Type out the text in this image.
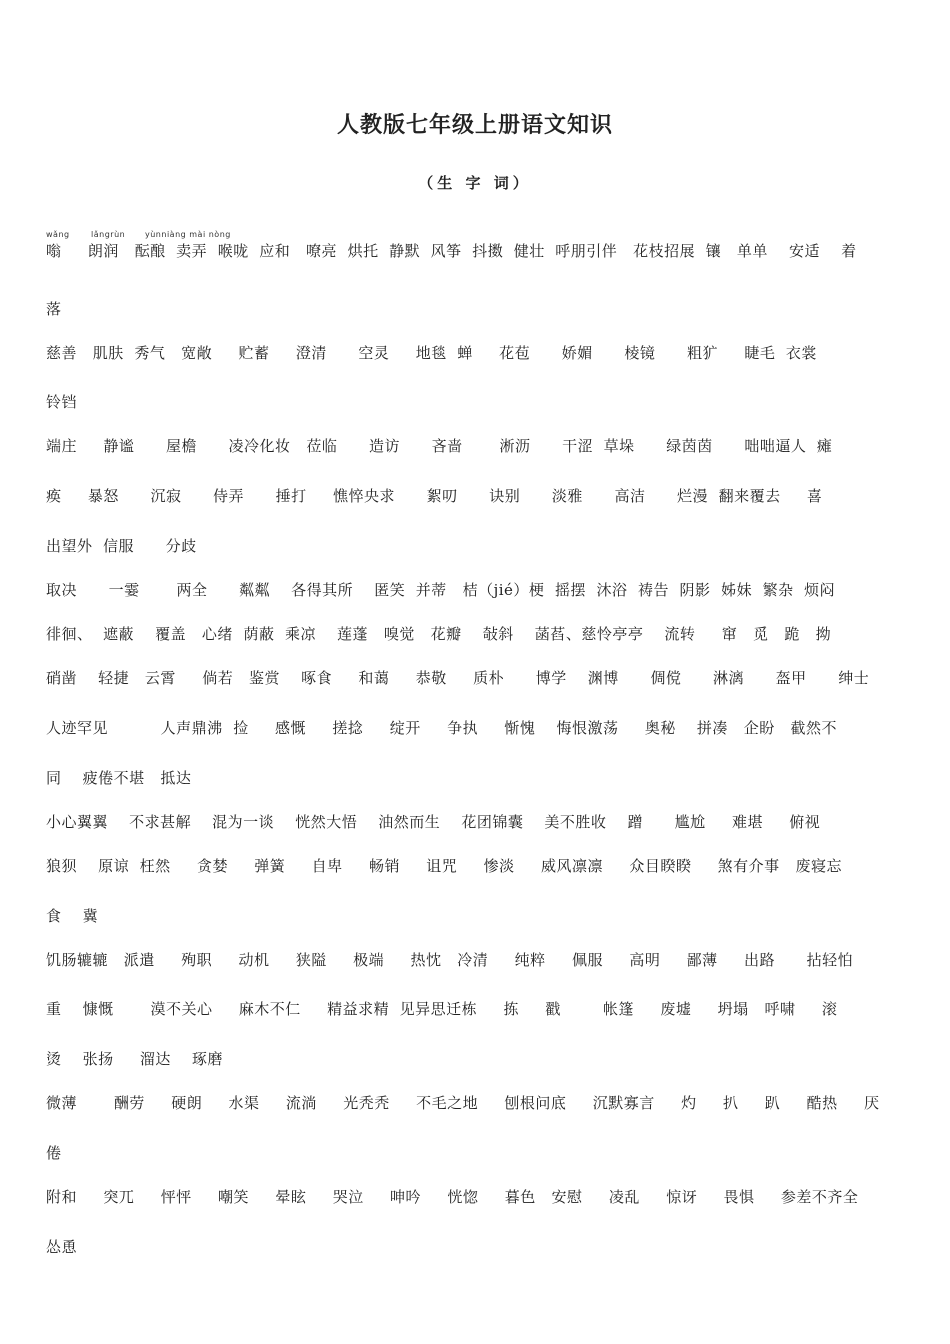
人教版七年级上册语文知识
（生 字 词）
wǎng	lǎngrùn yùnniàng mài nòng
嗡     朗润   酝酿  卖弄  喉咙  应和   嘹亮  烘托  静默  风筝  抖擞  健壮  呼朋引伴   花枝招展  镶   单单    安适    着
落
慈善   肌肤  秀气   宽敞     贮蓄     澄清      空灵     地毯  蝉     花苞      娇媚      棱镜      粗犷     睫毛  衣裳
铃铛
端庄     静谧      屋檐      凌冷化妆   莅临      造访      吝啬       淅沥      干涩  草垛      绿茵茵      咄咄逼人  瘫
痪     暴怒      沉寂      侍弄      捶打     憔悴央求      絮叨      诀别      淡雅      高洁      烂漫  翻来覆去     喜
出望外  信服      分歧
取决      一霎       两全      粼粼    各得其所    匿笑  并蒂   桔（jié）梗  摇摆  沐浴  祷告  阴影  姊妹  繁杂  烦闷
徘徊、  遮蔽    覆盖   心绪  荫蔽  乘凉    莲蓬   嗅觉   花瓣    敧斜    菡萏、慈怜亭亭    流转     窜   觅   跪   拗
硝凿    轻捷   云霄     倘若   鉴赏    啄食     和蔼     恭敬     质朴      博学    渊博      倜傥      淋漓      盔甲      绅士
人迹罕见          人声鼎沸  捡     感慨     搓捻     绽开     争执     惭愧    悔恨激荡     奥秘    拼凑   企盼   截然不
同    疲倦不堪   抵达
小心翼翼    不求甚解    混为一谈    恍然大悟    油然而生    花团锦囊    美不胜收    蹭      尴尬     难堪     俯视
狼狈    原谅  枉然     贪婪     弹簧     自卑     畅销     诅咒     惨淡     威风凛凛     众目睽睽     煞有介事   废寝忘
食    冀
饥肠辘辘   派遣     殉职     动机     狭隘     极端     热忱   冷清     纯粹     佩服     高明     鄙薄     出路      拈轻怕
重    慷慨       漠不关心     麻木不仁     精益求精  见异思迁栋     拣     戳        帐篷     废墟     坍塌   呼啸     滚
烫    张扬     溜达    琢磨
微薄       酬劳     硬朗     水渠     流淌     光秃秃     不毛之地     刨根问底     沉默寡言     灼     扒     趴     酷热     厌
倦
附和     突兀     怦怦     嘲笑     晕眩     哭泣     呻吟     恍惚     暮色   安慰     凌乱     惊讶     畏惧     参差不齐全
怂恿
